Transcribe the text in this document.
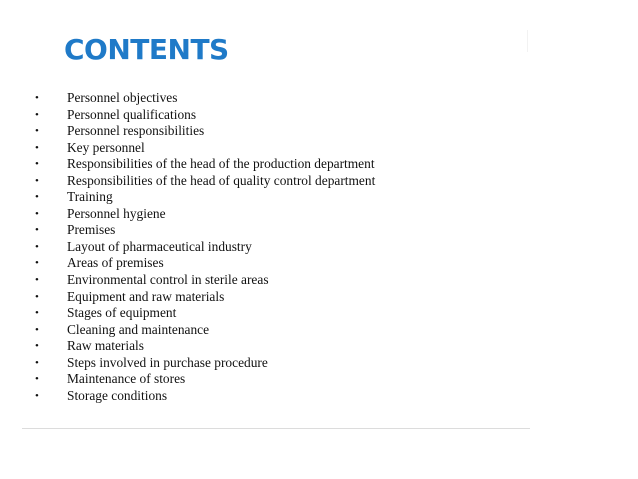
CONTENTS
• Personnel objectives
• Personnel qualifications
• Personnel responsibilities
• Key personnel
• Responsibilities of the head of the production department
• Responsibilities of the head of quality control department
• Training
• Personnel hygiene
• Premises
• Layout of pharmaceutical industry
• Areas of premises
• Environmental control in sterile areas
• Equipment and raw materials
• Stages of equipment
• Cleaning and maintenance
• Raw materials
• Steps involved in purchase procedure
• Maintenance of stores
• Storage conditions
